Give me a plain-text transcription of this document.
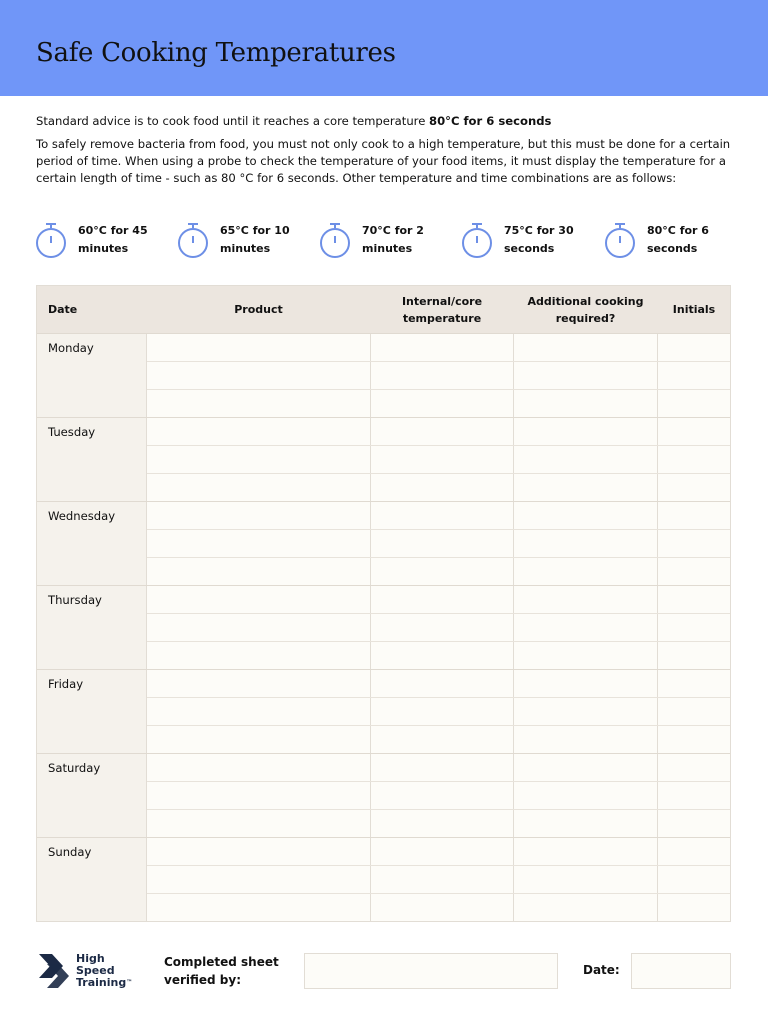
Safe Cooking Temperatures

Standard advice is to cook food until it reaches a core temperature 80°C for 6 seconds

To safely remove bacteria from food, you must not only cook to a high temperature, but this must be done for a certain period of time. When using a probe to check the temperature of your food items, it must display the temperature for a certain length of time - such as 80 °C for 6 seconds. Other temperature and time combinations are as follows:

60°C for 45
minutes
65°C for 10
minutes
70°C for 2
minutes
75°C for 30
seconds
80°C for 6
seconds
Date	Product
Internal/core
temperature
Additional cooking
required?
Initials
Monday
Tuesday
Wednesday
Thursday
Friday
Saturday
Sunday
High
Speed
Training™
Completed sheet
verified by:
Date:
